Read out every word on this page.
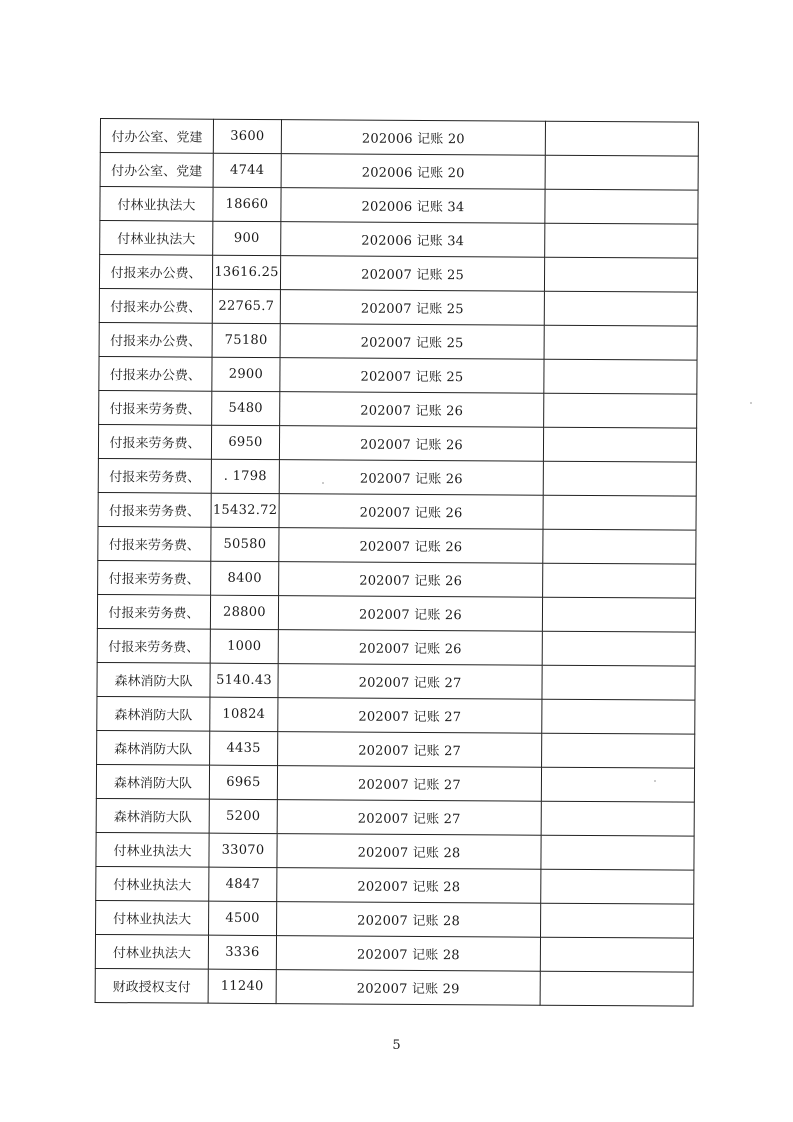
付办公室、党建	3600	202006 记账 20	
付办公室、党建	4744	202006 记账 20	
付林业执法大	18660	202006 记账 34	
付林业执法大	900	202006 记账 34	
付报来办公费、	13616.25	202007 记账 25	
付报来办公费、	22765.7	202007 记账 25	
付报来办公费、	75180	202007 记账 25	
付报来办公费、	2900	202007 记账 25	
付报来劳务费、	5480	202007 记账 26	
付报来劳务费、	6950	202007 记账 26	
付报来劳务费、	. 1798	202007 记账 26	
付报来劳务费、	15432.72	202007 记账 26	
付报来劳务费、	50580	202007 记账 26	
付报来劳务费、	8400	202007 记账 26	
付报来劳务费、	28800	202007 记账 26	
付报来劳务费、	1000	202007 记账 26	
森林消防大队	5140.43	202007 记账 27	
森林消防大队	10824	202007 记账 27	
森林消防大队	4435	202007 记账 27	
森林消防大队	6965	202007 记账 27	
森林消防大队	5200	202007 记账 27	
付林业执法大	33070	202007 记账 28	
付林业执法大	4847	202007 记账 28	
付林业执法大	4500	202007 记账 28	
付林业执法大	3336	202007 记账 28	
财政授权支付	11240	202007 记账 29	
5
